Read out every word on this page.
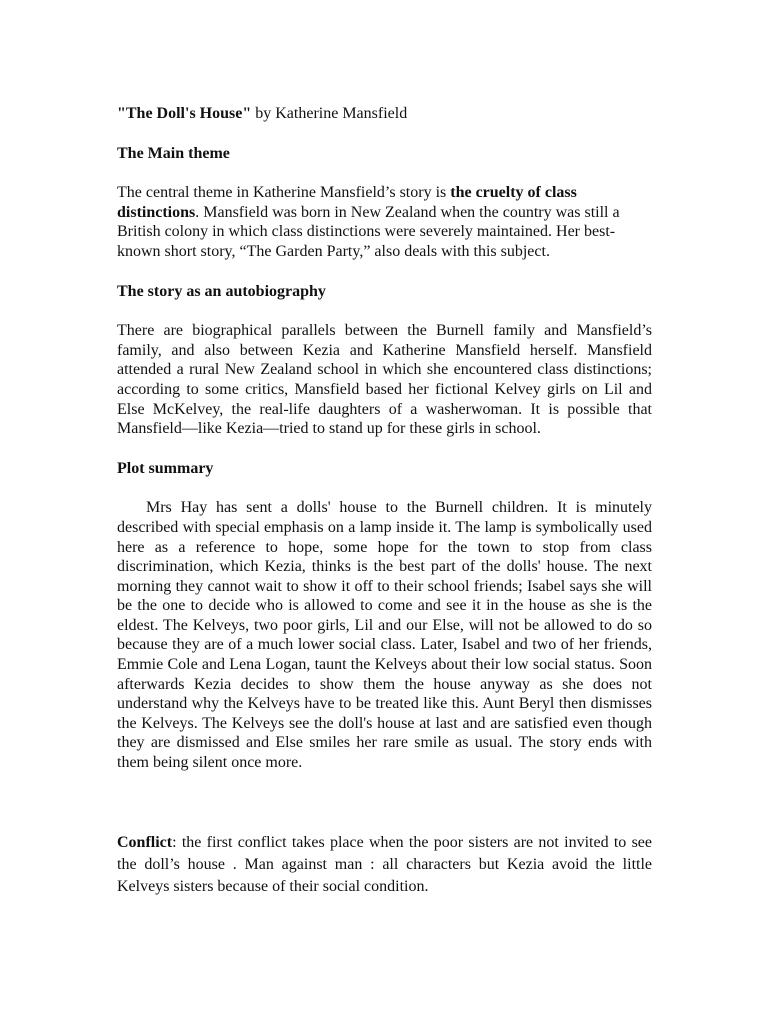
"The Doll's House" by Katherine Mansfield
The Main theme

The central theme in Katherine Mansfield’s story is the cruelty of class distinctions. Mansfield was born in New Zealand when the country was still a British colony in which class distinctions were severely maintained. Her best-known short story, “The Garden Party,” also deals with this subject.

The story as an autobiography

There are biographical parallels between the Burnell family and Mansfield’s family, and also between Kezia and Katherine Mansfield herself. Mansfield attended a rural New Zealand school in which she encountered class distinctions; according to some critics, Mansfield based her fictional Kelvey girls on Lil and Else McKelvey, the real-life daughters of a washerwoman. It is possible that Mansfield—like Kezia—tried to stand up for these girls in school.

Plot summary

Mrs Hay has sent a dolls' house to the Burnell children. It is minutely described with special emphasis on a lamp inside it. The lamp is symbolically used here as a reference to hope, some hope for the town to stop from class discrimination, which Kezia, thinks is the best part of the dolls' house. The next morning they cannot wait to show it off to their school friends; Isabel says she will be the one to decide who is allowed to come and see it in the house as she is the eldest. The Kelveys, two poor girls, Lil and our Else, will not be allowed to do so because they are of a much lower social class. Later, Isabel and two of her friends, Emmie Cole and Lena Logan, taunt the Kelveys about their low social status. Soon afterwards Kezia decides to show them the house anyway as she does not understand why the Kelveys have to be treated like this. Aunt Beryl then dismisses the Kelveys. The Kelveys see the doll's house at last and are satisfied even though they are dismissed and Else smiles her rare smile as usual. The story ends with them being silent once more.

Conflict: the first conflict takes place when the poor sisters are not invited to see the doll’s house . Man against man : all characters but Kezia avoid the little Kelveys sisters because of their social condition.
